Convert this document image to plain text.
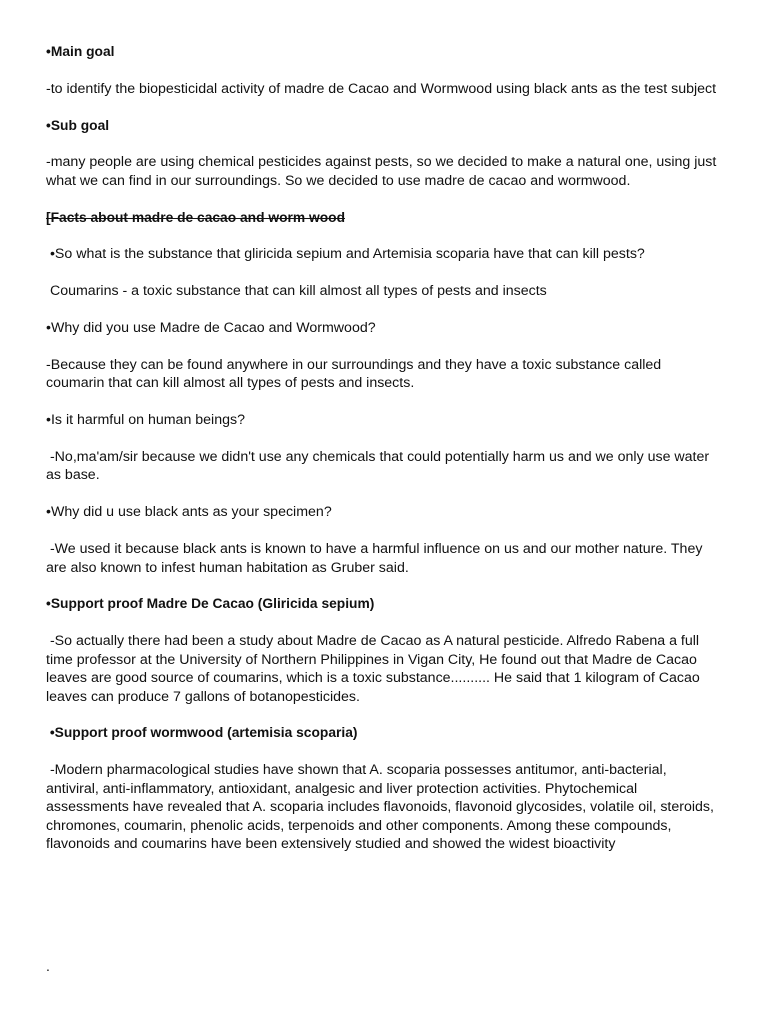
•Main goal

-to identify the biopesticidal activity of madre de Cacao and Wormwood using black ants as the test subject

•Sub goal

-many people are using chemical pesticides against pests, so we decided to make a natural one, using just what we can find in our surroundings. So we decided to use madre de cacao and wormwood.

[Facts about madre de cacao and worm wood

•So what is the substance that gliricida sepium and Artemisia scoparia have that can kill pests?

Coumarins - a toxic substance that can kill almost all types of pests and insects

•Why did you use Madre de Cacao and Wormwood?

-Because they can be found anywhere in our surroundings and they have a toxic substance called coumarin that can kill almost all types of pests and insects.

•Is it harmful on human beings?

-No,ma'am/sir because we didn't use any chemicals that could potentially harm us and we only use water as base.

•Why did u use black ants as your specimen?

-We used it because black ants is known to have a harmful influence on us and our mother nature. They are also known to infest human habitation as Gruber said.

•Support proof Madre De Cacao (Gliricida sepium)

-So actually there had been a study about Madre de Cacao as A natural pesticide. Alfredo Rabena a full time professor at the University of Northern Philippines in Vigan City, He found out that Madre de Cacao leaves are good source of coumarins, which is a toxic substance.......... He said that 1 kilogram of Cacao leaves can produce 7 gallons of botanopesticides.

•Support proof wormwood (artemisia scoparia)

-Modern pharmacological studies have shown that A. scoparia possesses antitumor, anti-bacterial, antiviral, anti-inflammatory, antioxidant, analgesic and liver protection activities. Phytochemical assessments have revealed that A. scoparia includes flavonoids, flavonoid glycosides, volatile oil, steroids, chromones, coumarin, phenolic acids, terpenoids and other components. Among these compounds, flavonoids and coumarins have been extensively studied and showed the widest bioactivity

.
